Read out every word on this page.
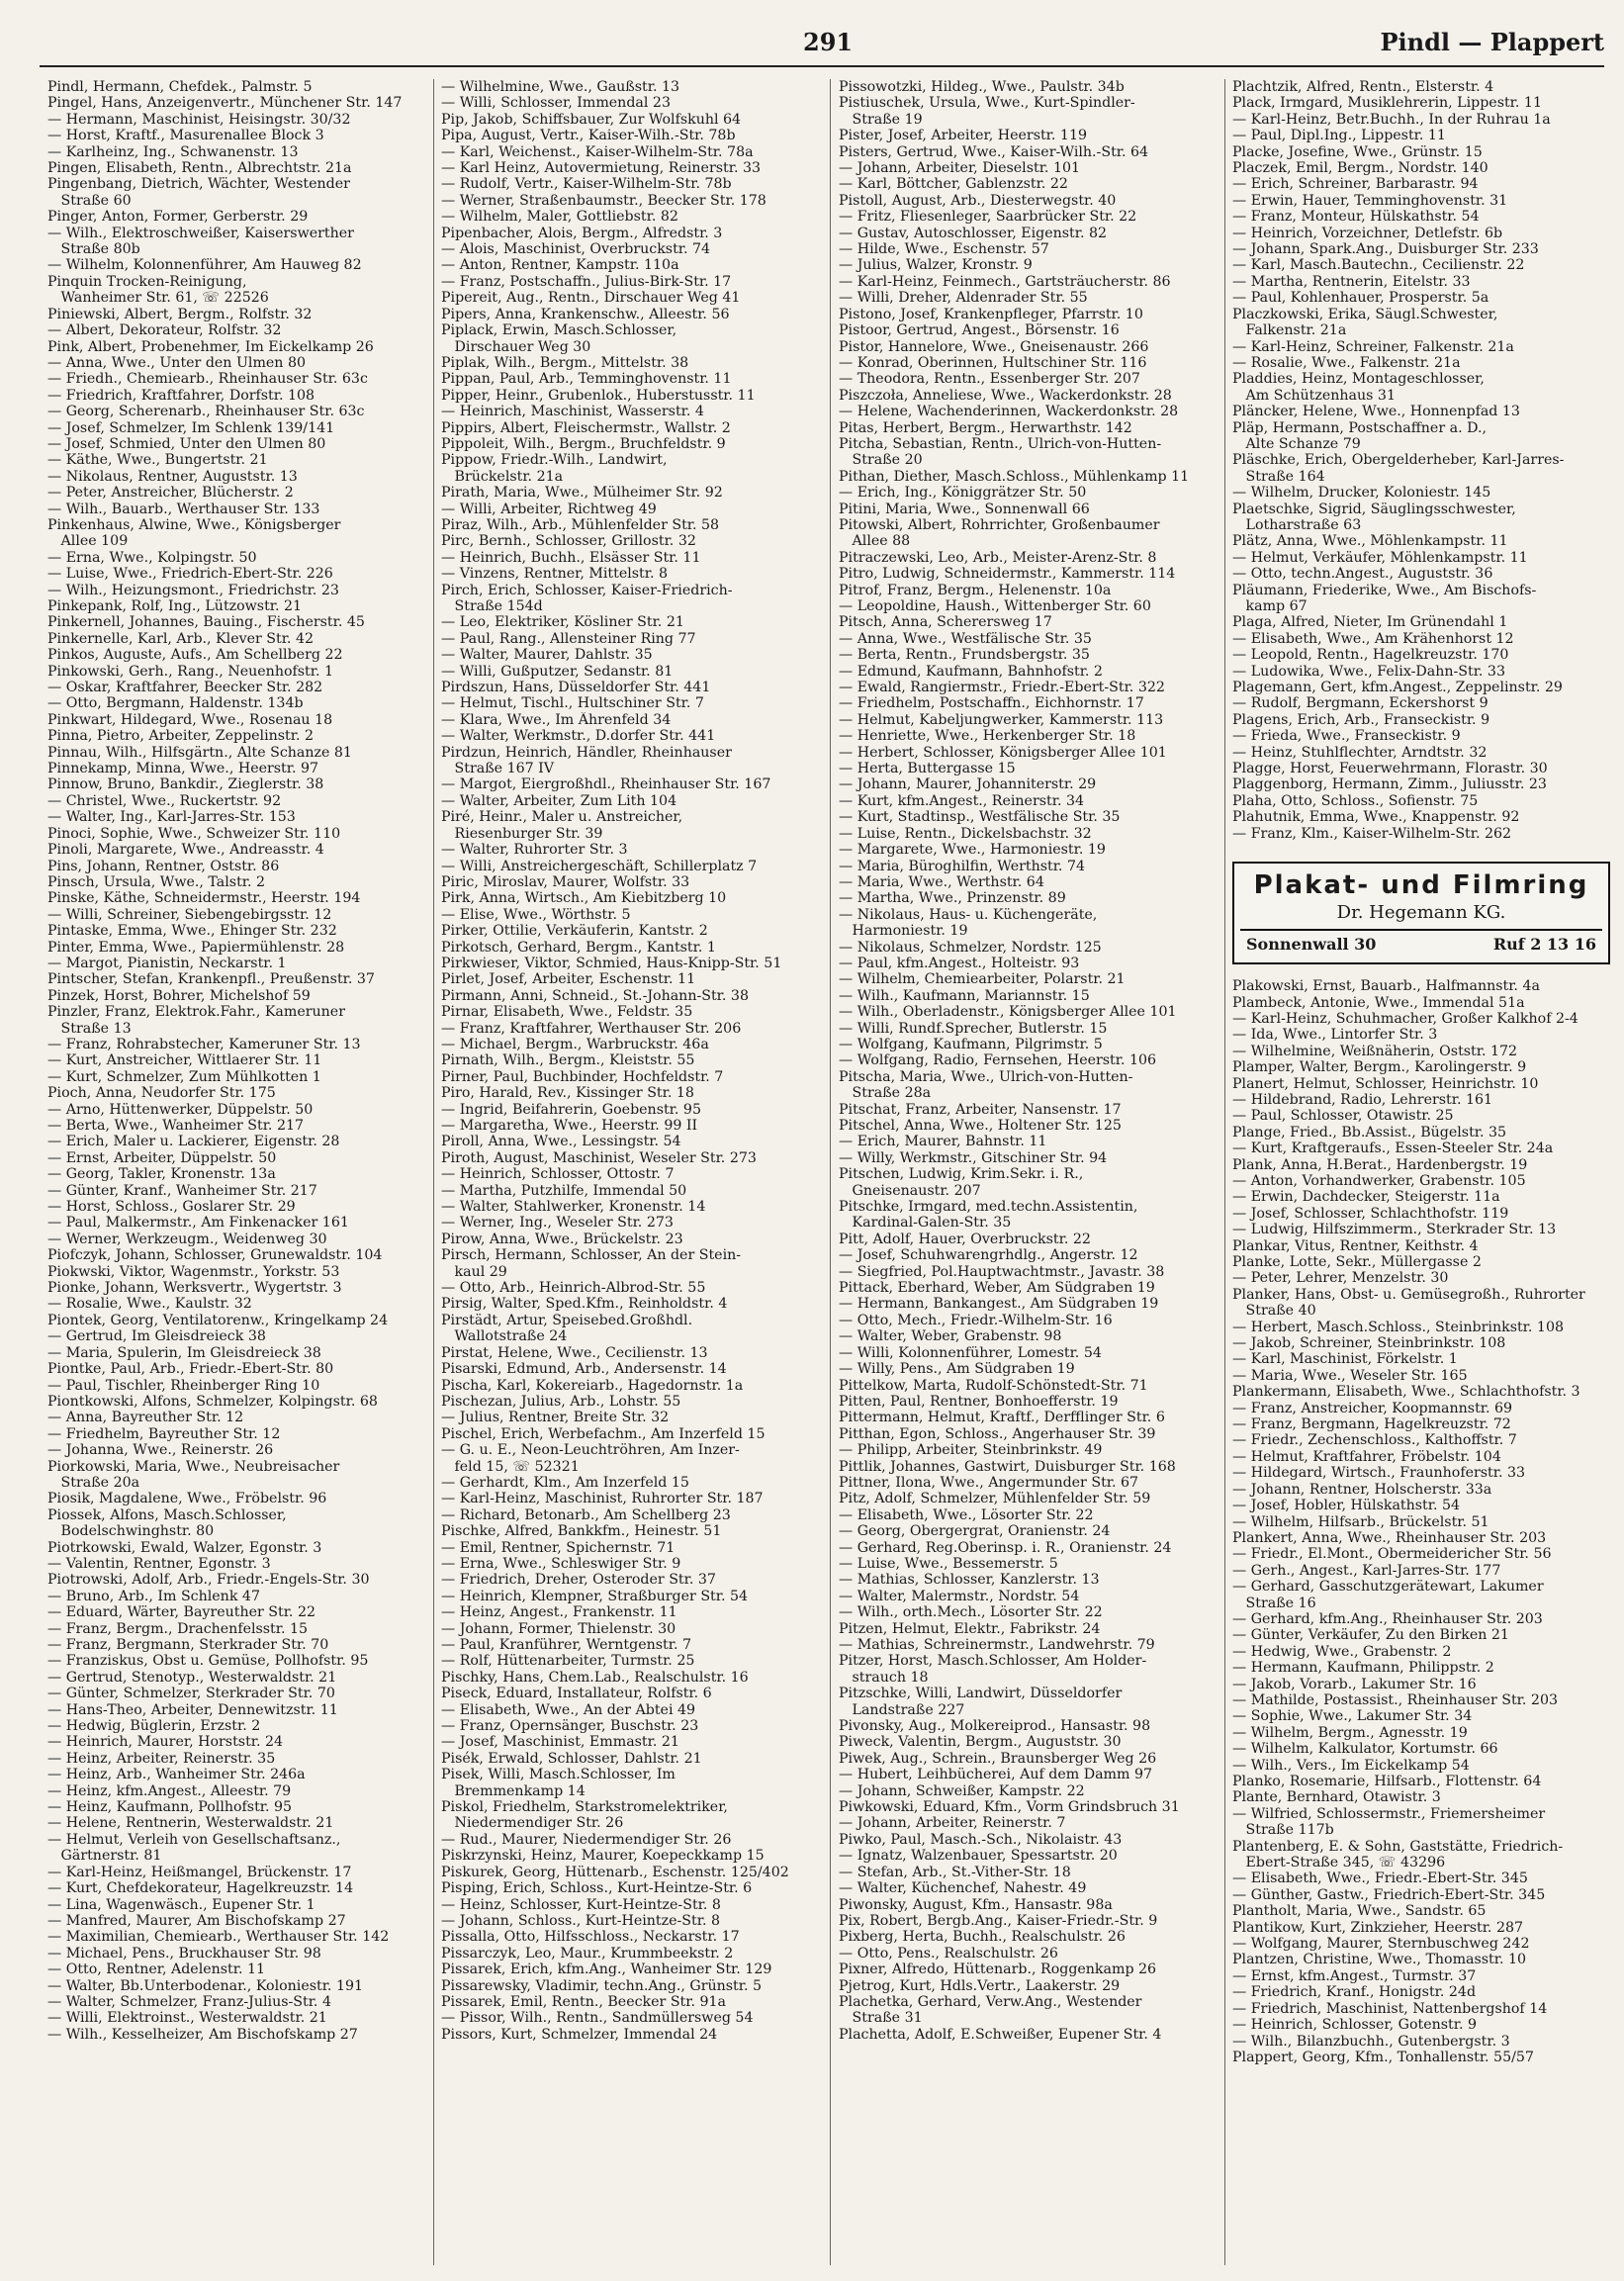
291	Pindl — Plappert
Pindl, Hermann, Chefdek., Palmstr. 5
Pingel, Hans, Anzeigenvertr., Münchener Str. 147
— Hermann, Maschinist, Heisingstr. 30/32
— Horst, Kraftf., Masurenallee Block 3
— Karlheinz, Ing., Schwanenstr. 13
Pingen, Elisabeth, Rentn., Albrechtstr. 21a
Pingenbang, Dietrich, Wächter, Westender
Straße 60
Pinger, Anton, Former, Gerberstr. 29
— Wilh., Elektroschweißer, Kaiserswerther
Straße 80b
— Wilhelm, Kolonnenführer, Am Hauweg 82
Pinquin Trocken-Reinigung,
Wanheimer Str. 61, ☏ 22526
Piniewski, Albert, Bergm., Rolfstr. 32
— Albert, Dekorateur, Rolfstr. 32
Pink, Albert, Probenehmer, Im Eickelkamp 26
— Anna, Wwe., Unter den Ulmen 80
— Friedh., Chemiearb., Rheinhauser Str. 63c
— Friedrich, Kraftfahrer, Dorfstr. 108
— Georg, Scherenarb., Rheinhauser Str. 63c
— Josef, Schmelzer, Im Schlenk 139/141
— Josef, Schmied, Unter den Ulmen 80
— Käthe, Wwe., Bungertstr. 21
— Nikolaus, Rentner, Auguststr. 13
— Peter, Anstreicher, Blücherstr. 2
— Wilh., Bauarb., Werthauser Str. 133
Pinkenhaus, Alwine, Wwe., Königsberger
Allee 109
— Erna, Wwe., Kolpingstr. 50
— Luise, Wwe., Friedrich-Ebert-Str. 226
— Wilh., Heizungsmont., Friedrichstr. 23
Pinkepank, Rolf, Ing., Lützowstr. 21
Pinkernell, Johannes, Bauing., Fischerstr. 45
Pinkernelle, Karl, Arb., Klever Str. 42
Pinkos, Auguste, Aufs., Am Schellberg 22
Pinkowski, Gerh., Rang., Neuenhofstr. 1
— Oskar, Kraftfahrer, Beecker Str. 282
— Otto, Bergmann, Haldenstr. 134b
Pinkwart, Hildegard, Wwe., Rosenau 18
Pinna, Pietro, Arbeiter, Zeppelinstr. 2
Pinnau, Wilh., Hilfsgärtn., Alte Schanze 81
Pinnekamp, Minna, Wwe., Heerstr. 97
Pinnow, Bruno, Bankdir., Zieglerstr. 38
— Christel, Wwe., Ruckertstr. 92
— Walter, Ing., Karl-Jarres-Str. 153
Pinoci, Sophie, Wwe., Schweizer Str. 110
Pinoli, Margarete, Wwe., Andreasstr. 4
Pins, Johann, Rentner, Oststr. 86
Pinsch, Ursula, Wwe., Talstr. 2
Pinske, Käthe, Schneidermstr., Heerstr. 194
— Willi, Schreiner, Siebengebirgsstr. 12
Pintaske, Emma, Wwe., Ehinger Str. 232
Pinter, Emma, Wwe., Papiermühlenstr. 28
— Margot, Pianistin, Neckarstr. 1
Pintscher, Stefan, Krankenpfl., Preußenstr. 37
Pinzek, Horst, Bohrer, Michelshof 59
Pinzler, Franz, Elektrok.Fahr., Kameruner
Straße 13
— Franz, Rohrabstecher, Kameruner Str. 13
— Kurt, Anstreicher, Wittlaerer Str. 11
— Kurt, Schmelzer, Zum Mühlkotten 1
Pioch, Anna, Neudorfer Str. 175
— Arno, Hüttenwerker, Düppelstr. 50
— Berta, Wwe., Wanheimer Str. 217
— Erich, Maler u. Lackierer, Eigenstr. 28
— Ernst, Arbeiter, Düppelstr. 50
— Georg, Takler, Kronenstr. 13a
— Günter, Kranf., Wanheimer Str. 217
— Horst, Schloss., Goslarer Str. 29
— Paul, Malkermstr., Am Finkenacker 161
— Werner, Werkzeugm., Weidenweg 30
Piofczyk, Johann, Schlosser, Grunewaldstr. 104
Piokwski, Viktor, Wagenmstr., Yorkstr. 53
Pionke, Johann, Werksvertr., Wygertstr. 3
— Rosalie, Wwe., Kaulstr. 32
Piontek, Georg, Ventilatorenw., Kringelkamp 24
— Gertrud, Im Gleisdreieck 38
— Maria, Spulerin, Im Gleisdreieck 38
Piontke, Paul, Arb., Friedr.-Ebert-Str. 80
— Paul, Tischler, Rheinberger Ring 10
Piontkowski, Alfons, Schmelzer, Kolpingstr. 68
— Anna, Bayreuther Str. 12
— Friedhelm, Bayreuther Str. 12
— Johanna, Wwe., Reinerstr. 26
Piorkowski, Maria, Wwe., Neubreisacher
Straße 20a
Piosik, Magdalene, Wwe., Fröbelstr. 96
Piossek, Alfons, Masch.Schlosser,
Bodelschwinghstr. 80
Piotrkowski, Ewald, Walzer, Egonstr. 3
— Valentin, Rentner, Egonstr. 3
Piotrowski, Adolf, Arb., Friedr.-Engels-Str. 30
— Bruno, Arb., Im Schlenk 47
— Eduard, Wärter, Bayreuther Str. 22
— Franz, Bergm., Drachenfelsstr. 15
— Franz, Bergmann, Sterkrader Str. 70
— Franziskus, Obst u. Gemüse, Pollhofstr. 95
— Gertrud, Stenotyp., Westerwaldstr. 21
— Günter, Schmelzer, Sterkrader Str. 70
— Hans-Theo, Arbeiter, Dennewitzstr. 11
— Hedwig, Büglerin, Erzstr. 2
— Heinrich, Maurer, Horststr. 24
— Heinz, Arbeiter, Reinerstr. 35
— Heinz, Arb., Wanheimer Str. 246a
— Heinz, kfm.Angest., Alleestr. 79
— Heinz, Kaufmann, Pollhofstr. 95
— Helene, Rentnerin, Westerwaldstr. 21
— Helmut, Verleih von Gesellschaftsanz.,
Gärtnerstr. 81
— Karl-Heinz, Heißmangel, Brückenstr. 17
— Kurt, Chefdekorateur, Hagelkreuzstr. 14
— Lina, Wagenwäsch., Eupener Str. 1
— Manfred, Maurer, Am Bischofskamp 27
— Maximilian, Chemiearb., Werthauser Str. 142
— Michael, Pens., Bruckhauser Str. 98
— Otto, Rentner, Adelenstr. 11
— Walter, Bb.Unterbodenar., Koloniestr. 191
— Walter, Schmelzer, Franz-Julius-Str. 4
— Willi, Elektroinst., Westerwaldstr. 21
— Wilh., Kesselheizer, Am Bischofskamp 27
— Wilhelmine, Wwe., Gaußstr. 13
— Willi, Schlosser, Immendal 23
Pip, Jakob, Schiffsbauer, Zur Wolfskuhl 64
Pipa, August, Vertr., Kaiser-Wilh.-Str. 78b
— Karl, Weichenst., Kaiser-Wilhelm-Str. 78a
— Karl Heinz, Autovermietung, Reinerstr. 33
— Rudolf, Vertr., Kaiser-Wilhelm-Str. 78b
— Werner, Straßenbaumstr., Beecker Str. 178
— Wilhelm, Maler, Gottliebstr. 82
Pipenbacher, Alois, Bergm., Alfredstr. 3
— Alois, Maschinist, Overbruckstr. 74
— Anton, Rentner, Kampstr. 110a
— Franz, Postschaffn., Julius-Birk-Str. 17
Pipereit, Aug., Rentn., Dirschauer Weg 41
Pipers, Anna, Krankenschw., Alleestr. 56
Piplack, Erwin, Masch.Schlosser,
Dirschauer Weg 30
Piplak, Wilh., Bergm., Mittelstr. 38
Pippan, Paul, Arb., Temminghovenstr. 11
Pipper, Heinr., Grubenlok., Huberstusstr. 11
— Heinrich, Maschinist, Wasserstr. 4
Pippirs, Albert, Fleischermstr., Wallstr. 2
Pippoleit, Wilh., Bergm., Bruchfeldstr. 9
Pippow, Friedr.-Wilh., Landwirt,
Brückelstr. 21a
Pirath, Maria, Wwe., Mülheimer Str. 92
— Willi, Arbeiter, Richtweg 49
Piraz, Wilh., Arb., Mühlenfelder Str. 58
Pirc, Bernh., Schlosser, Grillostr. 32
— Heinrich, Buchh., Elsässer Str. 11
— Vinzens, Rentner, Mittelstr. 8
Pirch, Erich, Schlosser, Kaiser-Friedrich-
Straße 154d
— Leo, Elektriker, Kösliner Str. 21
— Paul, Rang., Allensteiner Ring 77
— Walter, Maurer, Dahlstr. 35
— Willi, Gußputzer, Sedanstr. 81
Pirdszun, Hans, Düsseldorfer Str. 441
— Helmut, Tischl., Hultschiner Str. 7
— Klara, Wwe., Im Ährenfeld 34
— Walter, Werkmstr., D.dorfer Str. 441
Pirdzun, Heinrich, Händler, Rheinhauser
Straße 167 IV
— Margot, Eiergroßhdl., Rheinhauser Str. 167
— Walter, Arbeiter, Zum Lith 104
Piré, Heinr., Maler u. Anstreicher,
Riesenburger Str. 39
— Walter, Ruhrorter Str. 3
— Willi, Anstreichergeschäft, Schillerplatz 7
Piric, Miroslav, Maurer, Wolfstr. 33
Pirk, Anna, Wirtsch., Am Kiebitzberg 10
— Elise, Wwe., Wörthstr. 5
Pirker, Ottilie, Verkäuferin, Kantstr. 2
Pirkotsch, Gerhard, Bergm., Kantstr. 1
Pirkwieser, Viktor, Schmied, Haus-Knipp-Str. 51
Pirlet, Josef, Arbeiter, Eschenstr. 11
Pirmann, Anni, Schneid., St.-Johann-Str. 38
Pirnar, Elisabeth, Wwe., Feldstr. 35
— Franz, Kraftfahrer, Werthauser Str. 206
— Michael, Bergm., Warbruckstr. 46a
Pirnath, Wilh., Bergm., Kleiststr. 55
Pirner, Paul, Buchbinder, Hochfeldstr. 7
Piro, Harald, Rev., Kissinger Str. 18
— Ingrid, Beifahrerin, Goebenstr. 95
— Margaretha, Wwe., Heerstr. 99 II
Piroll, Anna, Wwe., Lessingstr. 54
Piroth, August, Maschinist, Weseler Str. 273
— Heinrich, Schlosser, Ottostr. 7
— Martha, Putzhilfe, Immendal 50
— Walter, Stahlwerker, Kronenstr. 14
— Werner, Ing., Weseler Str. 273
Pirow, Anna, Wwe., Brückelstr. 23
Pirsch, Hermann, Schlosser, An der Stein-
kaul 29
— Otto, Arb., Heinrich-Albrod-Str. 55
Pirsig, Walter, Sped.Kfm., Reinholdstr. 4
Pirstädt, Artur, Speisebed.Großhdl.
Wallotstraße 24
Pirstat, Helene, Wwe., Cecilienstr. 13
Pisarski, Edmund, Arb., Andersenstr. 14
Pischa, Karl, Kokereiarb., Hagedornstr. 1a
Pischezan, Julius, Arb., Lohstr. 55
— Julius, Rentner, Breite Str. 32
Pischel, Erich, Werbefachm., Am Inzerfeld 15
— G. u. E., Neon-Leuchtröhren, Am Inzer-
feld 15, ☏ 52321
— Gerhardt, Klm., Am Inzerfeld 15
— Karl-Heinz, Maschinist, Ruhrorter Str. 187
— Richard, Betonarb., Am Schellberg 23
Pischke, Alfred, Bankkfm., Heinestr. 51
— Emil, Rentner, Spichernstr. 71
— Erna, Wwe., Schleswiger Str. 9
— Friedrich, Dreher, Osteroder Str. 37
— Heinrich, Klempner, Straßburger Str. 54
— Heinz, Angest., Frankenstr. 11
— Johann, Former, Thielenstr. 30
— Paul, Kranführer, Werntgenstr. 7
— Rolf, Hüttenarbeiter, Turmstr. 25
Pischky, Hans, Chem.Lab., Realschulstr. 16
Piseck, Eduard, Installateur, Rolfstr. 6
— Elisabeth, Wwe., An der Abtei 49
— Franz, Opernsänger, Buschstr. 23
— Josef, Maschinist, Emmastr. 21
Pisék, Erwald, Schlosser, Dahlstr. 21
Pisek, Willi, Masch.Schlosser, Im
Bremmenkamp 14
Piskol, Friedhelm, Starkstromelektriker,
Niedermendiger Str. 26
— Rud., Maurer, Niedermendiger Str. 26
Piskrzynski, Heinz, Maurer, Koepeckkamp 15
Piskurek, Georg, Hüttenarb., Eschenstr. 125/402
Pisping, Erich, Schloss., Kurt-Heintze-Str. 6
— Heinz, Schlosser, Kurt-Heintze-Str. 8
— Johann, Schloss., Kurt-Heintze-Str. 8
Pissalla, Otto, Hilfsschloss., Neckarstr. 17
Pissarczyk, Leo, Maur., Krummbeekstr. 2
Pissarek, Erich, kfm.Ang., Wanheimer Str. 129
Pissarewsky, Vladimir, techn.Ang., Grünstr. 5
Pissarek, Emil, Rentn., Beecker Str. 91a
— Pissor, Wilh., Rentn., Sandmüllersweg 54
Pissors, Kurt, Schmelzer, Immendal 24
Pissowotzki, Hildeg., Wwe., Paulstr. 34b
Pistiuschek, Ursula, Wwe., Kurt-Spindler-
Straße 19
Pister, Josef, Arbeiter, Heerstr. 119
Pisters, Gertrud, Wwe., Kaiser-Wilh.-Str. 64
— Johann, Arbeiter, Dieselstr. 101
— Karl, Böttcher, Gablenzstr. 22
Pistoll, August, Arb., Diesterwegstr. 40
— Fritz, Fliesenleger, Saarbrücker Str. 22
— Gustav, Autoschlosser, Eigenstr. 82
— Hilde, Wwe., Eschenstr. 57
— Julius, Walzer, Kronstr. 9
— Karl-Heinz, Feinmech., Gartsträucherstr. 86
— Willi, Dreher, Aldenrader Str. 55
Pistono, Josef, Krankenpfleger, Pfarrstr. 10
Pistoor, Gertrud, Angest., Börsenstr. 16
Pistor, Hannelore, Wwe., Gneisenaustr. 266
— Konrad, Oberinnen, Hultschiner Str. 116
— Theodora, Rentn., Essenberger Str. 207
Piszczoła, Anneliese, Wwe., Wackerdonkstr. 28
— Helene, Wachenderinnen, Wackerdonkstr. 28
Pitas, Herbert, Bergm., Herwarthstr. 142
Pitcha, Sebastian, Rentn., Ulrich-von-Hutten-
Straße 20
Pithan, Diether, Masch.Schloss., Mühlenkamp 11
— Erich, Ing., Königgrätzer Str. 50
Pitini, Maria, Wwe., Sonnenwall 66
Pitowski, Albert, Rohrrichter, Großenbaumer
Allee 88
Pitraczewski, Leo, Arb., Meister-Arenz-Str. 8
Pitro, Ludwig, Schneidermstr., Kammerstr. 114
Pitrof, Franz, Bergm., Helenenstr. 10a
— Leopoldine, Haush., Wittenberger Str. 60
Pitsch, Anna, Scherersweg 17
— Anna, Wwe., Westfälische Str. 35
— Berta, Rentn., Frundsbergstr. 35
— Edmund, Kaufmann, Bahnhofstr. 2
— Ewald, Rangiermstr., Friedr.-Ebert-Str. 322
— Friedhelm, Postschaffn., Eichhornstr. 17
— Helmut, Kabeljungwerker, Kammerstr. 113
— Henriette, Wwe., Herkenberger Str. 18
— Herbert, Schlosser, Königsberger Allee 101
— Herta, Buttergasse 15
— Johann, Maurer, Johanniterstr. 29
— Kurt, kfm.Angest., Reinerstr. 34
— Kurt, Stadtinsp., Westfälische Str. 35
— Luise, Rentn., Dickelsbachstr. 32
— Margarete, Wwe., Harmoniestr. 19
— Maria, Büroghilfin, Werthstr. 74
— Maria, Wwe., Werthstr. 64
— Martha, Wwe., Prinzenstr. 89
— Nikolaus, Haus- u. Küchengeräte,
Harmoniestr. 19
— Nikolaus, Schmelzer, Nordstr. 125
— Paul, kfm.Angest., Holteistr. 93
— Wilhelm, Chemiearbeiter, Polarstr. 21
— Wilh., Kaufmann, Mariannstr. 15
— Wilh., Oberladenstr., Königsberger Allee 101
— Willi, Rundf.Sprecher, Butlerstr. 15
— Wolfgang, Kaufmann, Pilgrimstr. 5
— Wolfgang, Radio, Fernsehen, Heerstr. 106
Pitscha, Maria, Wwe., Ulrich-von-Hutten-
Straße 28a
Pitschat, Franz, Arbeiter, Nansenstr. 17
Pitschel, Anna, Wwe., Holtener Str. 125
— Erich, Maurer, Bahnstr. 11
— Willy, Werkmstr., Gitschiner Str. 94
Pitschen, Ludwig, Krim.Sekr. i. R.,
Gneisenaustr. 207
Pitschke, Irmgard, med.techn.Assistentin,
Kardinal-Galen-Str. 35
Pitt, Adolf, Hauer, Overbruckstr. 22
— Josef, Schuhwarengrhdlg., Angerstr. 12
— Siegfried, Pol.Hauptwachtmstr., Javastr. 38
Pittack, Eberhard, Weber, Am Südgraben 19
— Hermann, Bankangest., Am Südgraben 19
— Otto, Mech., Friedr.-Wilhelm-Str. 16
— Walter, Weber, Grabenstr. 98
— Willi, Kolonnenführer, Lomestr. 54
— Willy, Pens., Am Südgraben 19
Pittelkow, Marta, Rudolf-Schönstedt-Str. 71
Pitten, Paul, Rentner, Bonhoefferstr. 19
Pittermann, Helmut, Kraftf., Derfflinger Str. 6
Pitthan, Egon, Schloss., Angerhauser Str. 39
— Philipp, Arbeiter, Steinbrinkstr. 49
Pittlik, Johannes, Gastwirt, Duisburger Str. 168
Pittner, Ilona, Wwe., Angermunder Str. 67
Pitz, Adolf, Schmelzer, Mühlenfelder Str. 59
— Elisabeth, Wwe., Lösorter Str. 22
— Georg, Obergergrat, Oranienstr. 24
— Gerhard, Reg.Oberinsp. i. R., Oranienstr. 24
— Luise, Wwe., Bessemerstr. 5
— Mathias, Schlosser, Kanzlerstr. 13
— Walter, Malermstr., Nordstr. 54
— Wilh., orth.Mech., Lösorter Str. 22
Pitzen, Helmut, Elektr., Fabrikstr. 24
— Mathias, Schreinermstr., Landwehrstr. 79
Pitzer, Horst, Masch.Schlosser, Am Holder-
strauch 18
Pitzschke, Willi, Landwirt, Düsseldorfer
Landstraße 227
Pivonsky, Aug., Molkereiprod., Hansastr. 98
Piweck, Valentin, Bergm., Auguststr. 30
Piwek, Aug., Schrein., Braunsberger Weg 26
— Hubert, Leihbücherei, Auf dem Damm 97
— Johann, Schweißer, Kampstr. 22
Piwkowski, Eduard, Kfm., Vorm Grindsbruch 31
— Johann, Arbeiter, Reinerstr. 7
Piwko, Paul, Masch.-Sch., Nikolaistr. 43
— Ignatz, Walzenbauer, Spessartstr. 20
— Stefan, Arb., St.-Vither-Str. 18
— Walter, Küchenchef, Nahestr. 49
Piwonsky, August, Kfm., Hansastr. 98a
Pix, Robert, Bergb.Ang., Kaiser-Friedr.-Str. 9
Pixberg, Herta, Buchh., Realschulstr. 26
— Otto, Pens., Realschulstr. 26
Pixner, Alfredo, Hüttenarb., Roggenkamp 26
Pjetrog, Kurt, Hdls.Vertr., Laakerstr. 29
Plachetka, Gerhard, Verw.Ang., Westender
Straße 31
Plachetta, Adolf, E.Schweißer, Eupener Str. 4
Plachtzik, Alfred, Rentn., Elsterstr. 4
Plack, Irmgard, Musiklehrerin, Lippestr. 11
— Karl-Heinz, Betr.Buchh., In der Ruhrau 1a
— Paul, Dipl.Ing., Lippestr. 11
Placke, Josefine, Wwe., Grünstr. 15
Placzek, Emil, Bergm., Nordstr. 140
— Erich, Schreiner, Barbarastr. 94
— Erwin, Hauer, Temminghovenstr. 31
— Franz, Monteur, Hülskathstr. 54
— Heinrich, Vorzeichner, Detlefstr. 6b
— Johann, Spark.Ang., Duisburger Str. 233
— Karl, Masch.Bautechn., Cecilienstr. 22
— Martha, Rentnerin, Eitelstr. 33
— Paul, Kohlenhauer, Prosperstr. 5a
Placzkowski, Erika, Säugl.Schwester,
Falkenstr. 21a
— Karl-Heinz, Schreiner, Falkenstr. 21a
— Rosalie, Wwe., Falkenstr. 21a
Pladdies, Heinz, Montageschlosser,
Am Schützenhaus 31
Pläncker, Helene, Wwe., Honnenpfad 13
Pläp, Hermann, Postschaffner a. D.,
Alte Schanze 79
Pläschke, Erich, Obergelderheber, Karl-Jarres-
Straße 164
— Wilhelm, Drucker, Koloniestr. 145
Plaetschke, Sigrid, Säuglingsschwester,
Lotharstraße 63
Plätz, Anna, Wwe., Möhlenkampstr. 11
— Helmut, Verkäufer, Möhlenkampstr. 11
— Otto, techn.Angest., Auguststr. 36
Pläumann, Friederike, Wwe., Am Bischofs-
kamp 67
Plaga, Alfred, Nieter, Im Grünendahl 1
— Elisabeth, Wwe., Am Krähenhorst 12
— Leopold, Rentn., Hagelkreuzstr. 170
— Ludowika, Wwe., Felix-Dahn-Str. 33
Plagemann, Gert, kfm.Angest., Zeppelinstr. 29
— Rudolf, Bergmann, Eckershorst 9
Plagens, Erich, Arb., Franseckistr. 9
— Frieda, Wwe., Franseckistr. 9
— Heinz, Stuhlflechter, Arndtstr. 32
Plagge, Horst, Feuerwehrmann, Florastr. 30
Plaggenborg, Hermann, Zimm., Juliusstr. 23
Plaha, Otto, Schloss., Sofienstr. 75
Plahutnik, Emma, Wwe., Knappenstr. 92
— Franz, Klm., Kaiser-Wilhelm-Str. 262
Plakat- und Filmring
Dr. Hegemann KG.
Sonnenwall 30	Ruf 2 13 16
Plakowski, Ernst, Bauarb., Halfmannstr. 4a
Plambeck, Antonie, Wwe., Immendal 51a
— Karl-Heinz, Schuhmacher, Großer Kalkhof 2-4
— Ida, Wwe., Lintorfer Str. 3
— Wilhelmine, Weißnäherin, Oststr. 172
Plamper, Walter, Bergm., Karolingerstr. 9
Planert, Helmut, Schlosser, Heinrichstr. 10
— Hildebrand, Radio, Lehrerstr. 161
— Paul, Schlosser, Otawistr. 25
Plange, Fried., Bb.Assist., Bügelstr. 35
— Kurt, Kraftgeraufs., Essen-Steeler Str. 24a
Plank, Anna, H.Berat., Hardenbergstr. 19
— Anton, Vorhandwerker, Grabenstr. 105
— Erwin, Dachdecker, Steigerstr. 11a
— Josef, Schlosser, Schlachthofstr. 119
— Ludwig, Hilfszimmerm., Sterkrader Str. 13
Plankar, Vitus, Rentner, Keithstr. 4
Planke, Lotte, Sekr., Müllergasse 2
— Peter, Lehrer, Menzelstr. 30
Planker, Hans, Obst- u. Gemüsegroßh., Ruhrorter
Straße 40
— Herbert, Masch.Schloss., Steinbrinkstr. 108
— Jakob, Schreiner, Steinbrinkstr. 108
— Karl, Maschinist, Förkelstr. 1
— Maria, Wwe., Weseler Str. 165
Plankermann, Elisabeth, Wwe., Schlachthofstr. 3
— Franz, Anstreicher, Koopmannstr. 69
— Franz, Bergmann, Hagelkreuzstr. 72
— Friedr., Zechenschloss., Kalthoffstr. 7
— Helmut, Kraftfahrer, Fröbelstr. 104
— Hildegard, Wirtsch., Fraunhoferstr. 33
— Johann, Rentner, Holscherstr. 33a
— Josef, Hobler, Hülskathstr. 54
— Wilhelm, Hilfsarb., Brückelstr. 51
Plankert, Anna, Wwe., Rheinhauser Str. 203
— Friedr., El.Mont., Obermeidericher Str. 56
— Gerh., Angest., Karl-Jarres-Str. 177
— Gerhard, Gasschutzgerätewart, Lakumer
Straße 16
— Gerhard, kfm.Ang., Rheinhauser Str. 203
— Günter, Verkäufer, Zu den Birken 21
— Hedwig, Wwe., Grabenstr. 2
— Hermann, Kaufmann, Philippstr. 2
— Jakob, Vorarb., Lakumer Str. 16
— Mathilde, Postassist., Rheinhauser Str. 203
— Sophie, Wwe., Lakumer Str. 34
— Wilhelm, Bergm., Agnesstr. 19
— Wilhelm, Kalkulator, Kortumstr. 66
— Wilh., Vers., Im Eickelkamp 54
Planko, Rosemarie, Hilfsarb., Flottenstr. 64
Plante, Bernhard, Otawistr. 3
— Wilfried, Schlossermstr., Friemersheimer
Straße 117b
Plantenberg, E. & Sohn, Gaststätte, Friedrich-
Ebert-Straße 345, ☏ 43296
— Elisabeth, Wwe., Friedr.-Ebert-Str. 345
— Günther, Gastw., Friedrich-Ebert-Str. 345
Plantholt, Maria, Wwe., Sandstr. 65
Plantikow, Kurt, Zinkzieher, Heerstr. 287
— Wolfgang, Maurer, Sternbuschweg 242
Plantzen, Christine, Wwe., Thomasstr. 10
— Ernst, kfm.Angest., Turmstr. 37
— Friedrich, Kranf., Honigstr. 24d
— Friedrich, Maschinist, Nattenbergshof 14
— Heinrich, Schlosser, Gotenstr. 9
— Wilh., Bilanzbuchh., Gutenbergstr. 3
Plappert, Georg, Kfm., Tonhallenstr. 55/57
